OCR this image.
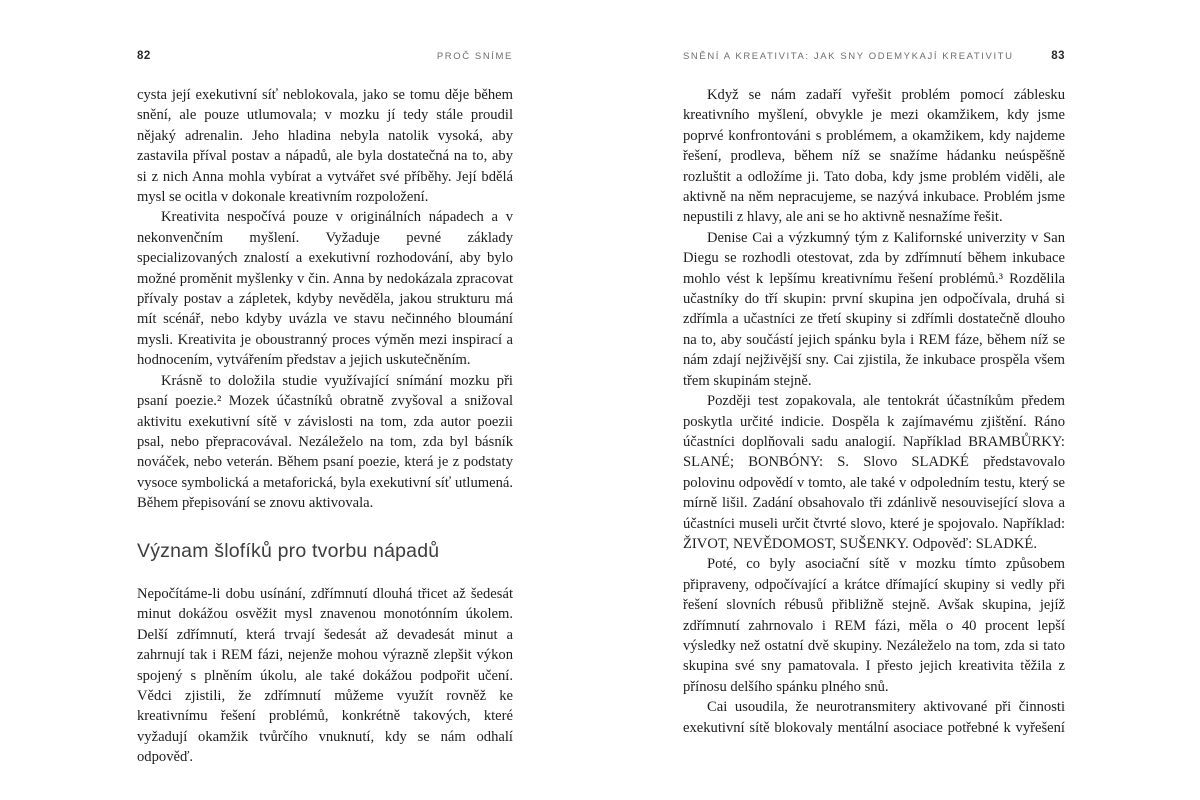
82	PROČ SNÍME

cysta její exekutivní síť neblokovala, jako se tomu děje během snění, ale pouze utlumovala; v mozku jí tedy stále proudil nějaký adrenalin. Jeho hladina nebyla natolik vysoká, aby zastavila příval postav a nápadů, ale byla dostatečná na to, aby si z nich Anna mohla vybírat a vytvářet své příběhy. Její bdělá mysl se ocitla v dokonale kreativním rozpoložení.

Kreativita nespočívá pouze v originálních nápadech a v nekonvenčním myšlení. Vyžaduje pevné základy specializovaných znalostí a exekutivní rozhodování, aby bylo možné proměnit myšlenky v čin. Anna by nedokázala zpracovat přívaly postav a zápletek, kdyby nevěděla, jakou strukturu má mít scénář, nebo kdyby uvázla ve stavu nečinného bloumání mysli. Kreativita je oboustranný proces výměn mezi inspirací a hodnocením, vytvářením představ a jejich uskutečněním.

Krásně to doložila studie využívající snímání mozku při psaní poezie.² Mozek účastníků obratně zvyšoval a snižoval aktivitu exekutivní sítě v závislosti na tom, zda autor poezii psal, nebo přepracovával. Nezáleželo na tom, zda byl básník nováček, nebo veterán. Během psaní poezie, která je z podstaty vysoce symbolická a metaforická, byla exekutivní síť utlumená. Během přepisování se znovu aktivovala.

Význam šlofíků pro tvorbu nápadů

Nepočítáme-li dobu usínání, zdřímnutí dlouhá třicet až šedesát minut dokážou osvěžit mysl znavenou monotónním úkolem. Delší zdřímnutí, která trvají šedesát až devadesát minut a zahrnují tak i REM fázi, nejenže mohou výrazně zlepšit výkon spojený s plněním úkolu, ale také dokážou podpořit učení. Vědci zjistili, že zdřímnutí můžeme využít rovněž ke kreativnímu řešení problémů, konkrétně takových, které vyžadují okamžik tvůrčího vnuknutí, kdy se nám odhalí odpověď.

SNĚNÍ A KREATIVITA: JAK SNY ODEMYKAJÍ KREATIVITU	83

Když se nám zadaří vyřešit problém pomocí záblesku kreativního myšlení, obvykle je mezi okamžikem, kdy jsme poprvé konfrontováni s problémem, a okamžikem, kdy najdeme řešení, prodleva, během níž se snažíme hádanku neúspěšně rozluštit a odložíme ji. Tato doba, kdy jsme problém viděli, ale aktivně na něm nepracujeme, se nazývá inkubace. Problém jsme nepustili z hlavy, ale ani se ho aktivně nesnažíme řešit.

Denise Cai a výzkumný tým z Kalifornské univerzity v San Diegu se rozhodli otestovat, zda by zdřímnutí během inkubace mohlo vést k lepšímu kreativnímu řešení problémů.³ Rozdělila učastníky do tří skupin: první skupina jen odpočívala, druhá si zdřímla a učastníci ze třetí skupiny si zdřímli dostatečně dlouho na to, aby součástí jejich spánku byla i REM fáze, během níž se nám zdají nejživější sny. Cai zjistila, že inkubace prospěla všem třem skupinám stejně.

Později test zopakovala, ale tentokrát účastníkům předem poskytla určité indicie. Dospěla k zajímavému zjištění. Ráno účastníci doplňovali sadu analogií. Například BRAMBŮRKY: SLANÉ; BONBÓNY: S. Slovo SLADKÉ představovalo polovinu odpovědí v tomto, ale také v odpoledním testu, který se mírně lišil. Zadání obsahovalo tři zdánlivě nesouvisející slova a účastníci museli určit čtvrté slovo, které je spojovalo. Například: ŽIVOT, NEVĚDOMOST, SUŠENKY. Odpověď: SLADKÉ.

Poté, co byly asociační sítě v mozku tímto způsobem připraveny, odpočívající a krátce dřímající skupiny si vedly při řešení slovních rébusů přibližně stejně. Avšak skupina, jejíž zdřímnutí zahrnovalo i REM fázi, měla o 40 procent lepší výsledky než ostatní dvě skupiny. Nezáleželo na tom, zda si tato skupina své sny pamatovala. I přesto jejich kreativita těžila z přínosu delšího spánku plného snů.

Cai usoudila, že neurotransmitery aktivované při činnosti exekutivní sítě blokovaly mentální asociace potřebné k vyřešení
